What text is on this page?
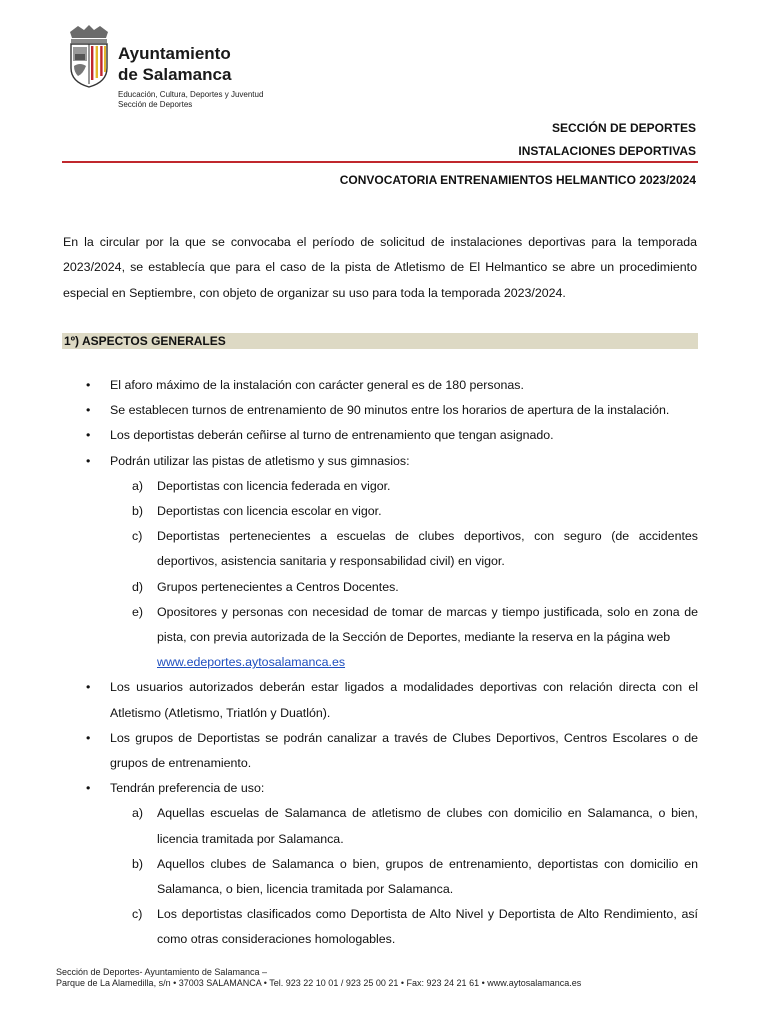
Ayuntamiento
de Salamanca
Educación, Cultura, Deportes y Juventud
Sección de Deportes
SECCIÓN DE DEPORTES
INSTALACIONES DEPORTIVAS
CONVOCATORIA ENTRENAMIENTOS HELMANTICO 2023/2024

En la circular por la que se convocaba el período de solicitud de instalaciones deportivas para la temporada 2023/2024, se establecía que para el caso de la pista de Atletismo de El Helmantico se abre un procedimiento especial en Septiembre, con objeto de organizar su uso para toda la temporada 2023/2024.

1º) ASPECTOS GENERALES
• El aforo máximo de la instalación con carácter general es de 180 personas.
• Se establecen turnos de entrenamiento de 90 minutos entre los horarios de apertura de la instalación.
• Los deportistas deberán ceñirse al turno de entrenamiento que tengan asignado.
• Podrán utilizar las pistas de atletismo y sus gimnasios:
a) Deportistas con licencia federada en vigor.
b) Deportistas con licencia escolar en vigor.
c) Deportistas pertenecientes a escuelas de clubes deportivos, con seguro (de accidentes deportivos, asistencia sanitaria y responsabilidad civil) en vigor.
d) Grupos pertenecientes a Centros Docentes.
e) Opositores y personas con necesidad de tomar de marcas y tiempo justificada, solo en zona de pista, con previa autorizada de la Sección de Deportes, mediante la reserva en la página web
www.edeportes.aytosalamanca.es
• Los usuarios autorizados deberán estar ligados a modalidades deportivas con relación directa con el Atletismo (Atletismo, Triatlón y Duatlón).
• Los grupos de Deportistas se podrán canalizar a través de Clubes Deportivos, Centros Escolares o de grupos de entrenamiento.
• Tendrán preferencia de uso:
a) Aquellas escuelas de Salamanca de atletismo de clubes con domicilio en Salamanca, o bien, licencia tramitada por Salamanca.
b) Aquellos clubes de Salamanca o bien, grupos de entrenamiento, deportistas con domicilio en Salamanca, o bien, licencia tramitada por Salamanca.
c) Los deportistas clasificados como Deportista de Alto Nivel y Deportista de Alto Rendimiento, así como otras consideraciones homologables.
Sección de Deportes- Ayuntamiento de Salamanca –
Parque de La Alamedilla, s/n • 37003 SALAMANCA • Tel. 923 22 10 01 / 923 25 00 21 • Fax: 923 24 21 61 • www.aytosalamanca.es
